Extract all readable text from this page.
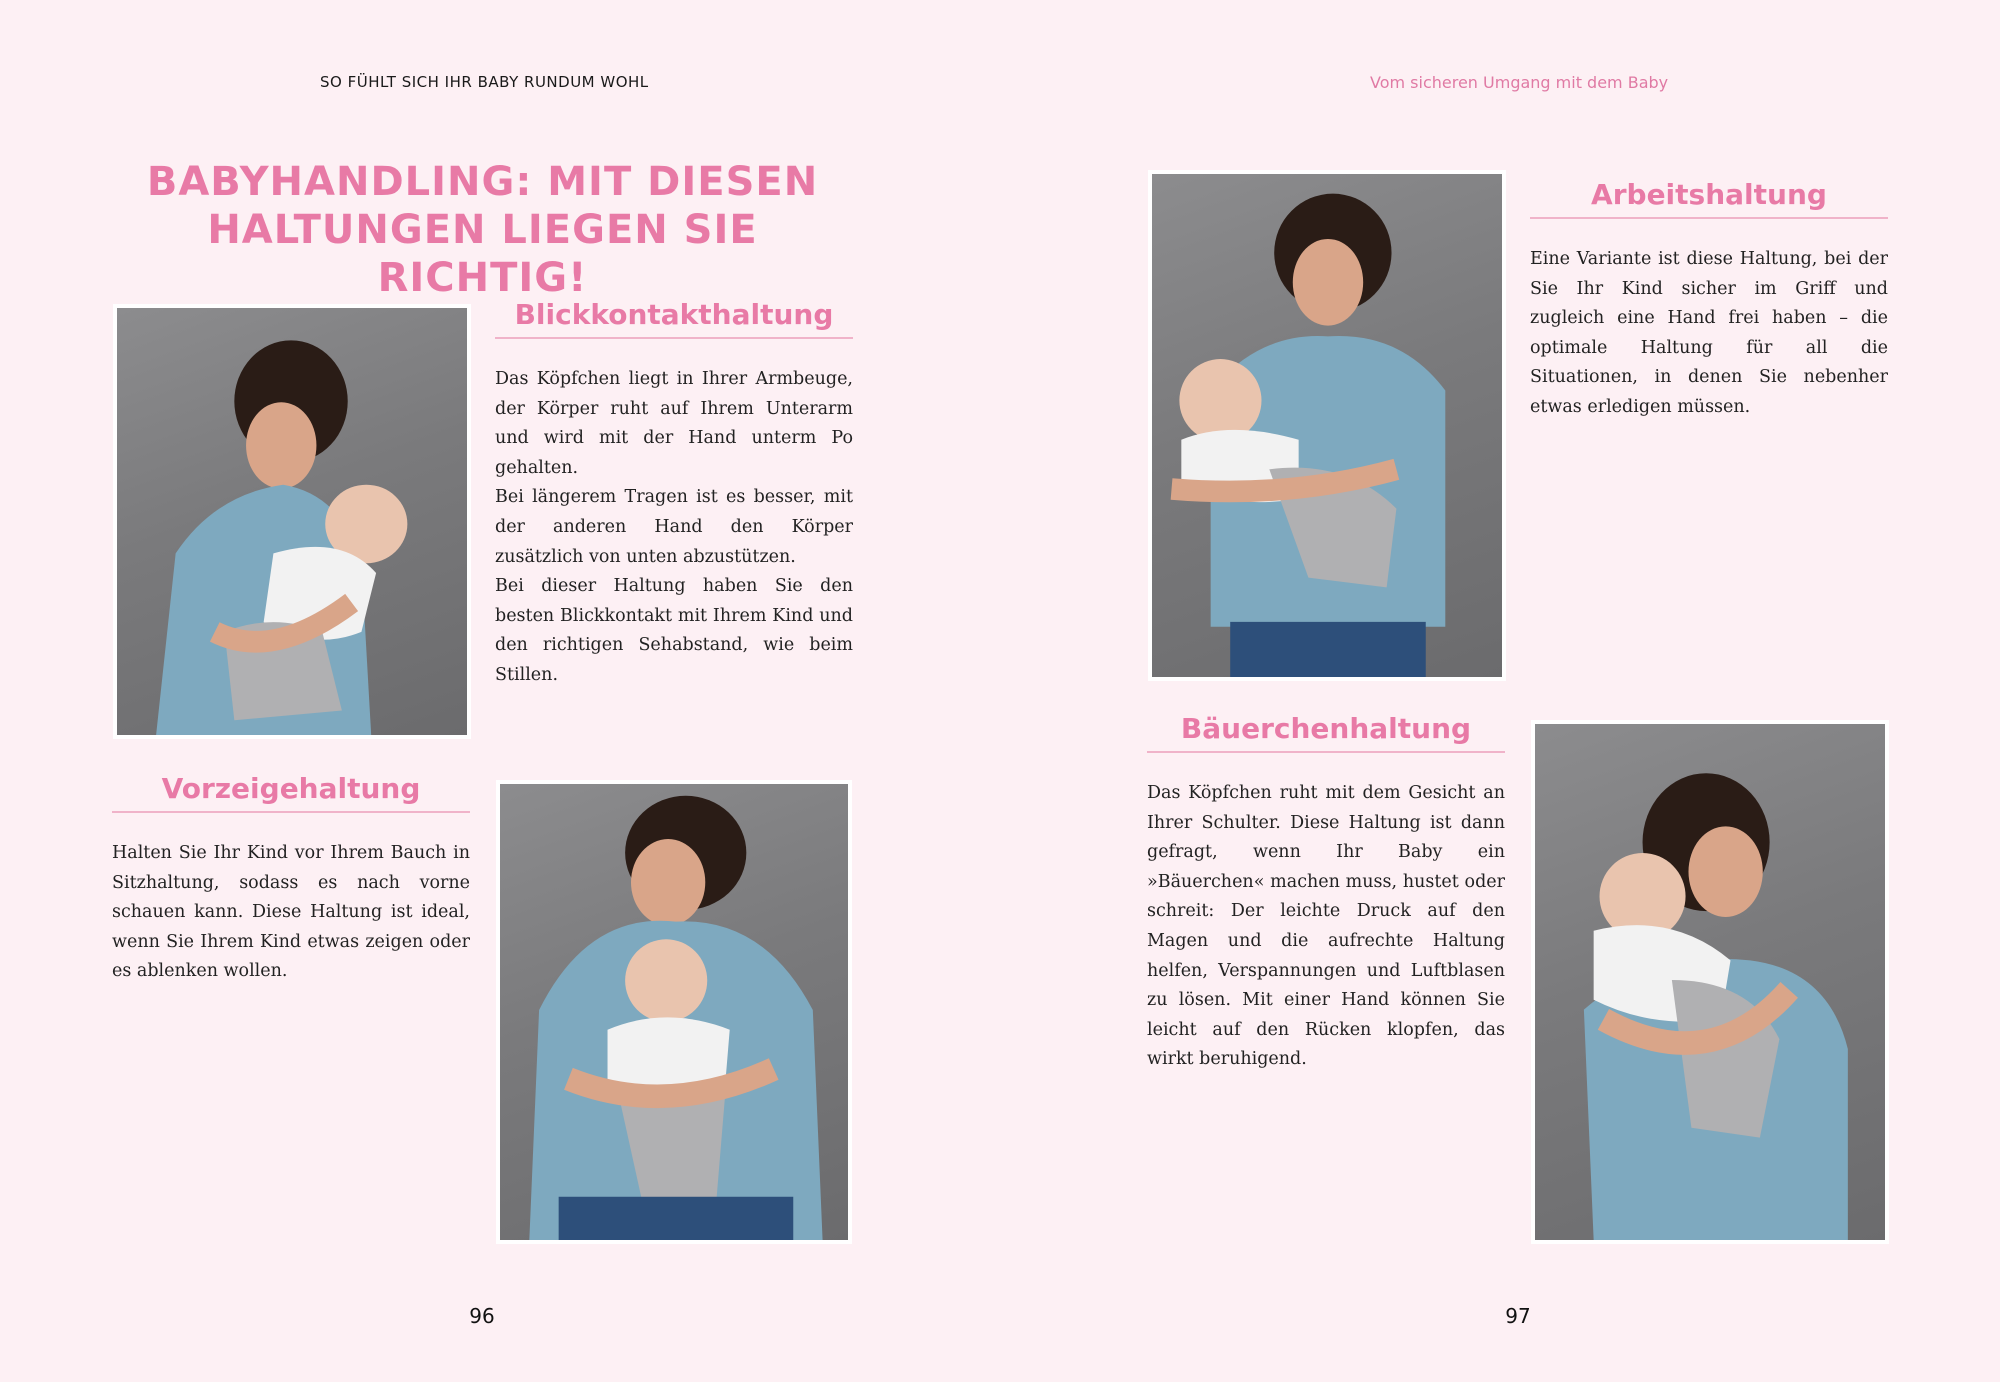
SO FÜHLT SICH IHR BABY RUNDUM WOHL
BABYHANDLING: MIT DIESEN
HALTUNGEN LIEGEN SIE RICHTIG!
Blickkontakthaltung

Das Köpfchen liegt in Ihrer Armbeuge, der Körper ruht auf Ihrem Unterarm und wird mit der Hand unterm Po gehalten.

Bei längerem Tragen ist es besser, mit der anderen Hand den Körper zusätzlich von unten abzustützen.

Bei dieser Haltung haben Sie den besten Blickkontakt mit Ihrem Kind und den richtigen Sehabstand, wie beim Stillen.

Vorzeigehaltung

Halten Sie Ihr Kind vor Ihrem Bauch in Sitzhaltung, sodass es nach vorne schauen kann. Diese Haltung ist ideal, wenn Sie Ihrem Kind etwas zeigen oder es ablenken wollen.

96
Vom sicheren Umgang mit dem Baby
Arbeitshaltung

Eine Variante ist diese Haltung, bei der Sie Ihr Kind sicher im Griff und zugleich eine Hand frei haben – die optimale Haltung für all die Situationen, in denen Sie nebenher etwas erledigen müssen.

Bäuerchenhaltung

Das Köpfchen ruht mit dem Gesicht an Ihrer Schulter. Diese Haltung ist dann gefragt, wenn Ihr Baby ein »Bäuerchen« machen muss, hustet oder schreit: Der leichte Druck auf den Magen und die aufrechte Haltung helfen, Verspannungen und Luftblasen zu lösen. Mit einer Hand können Sie leicht auf den Rücken klopfen, das wirkt beruhigend.

97
